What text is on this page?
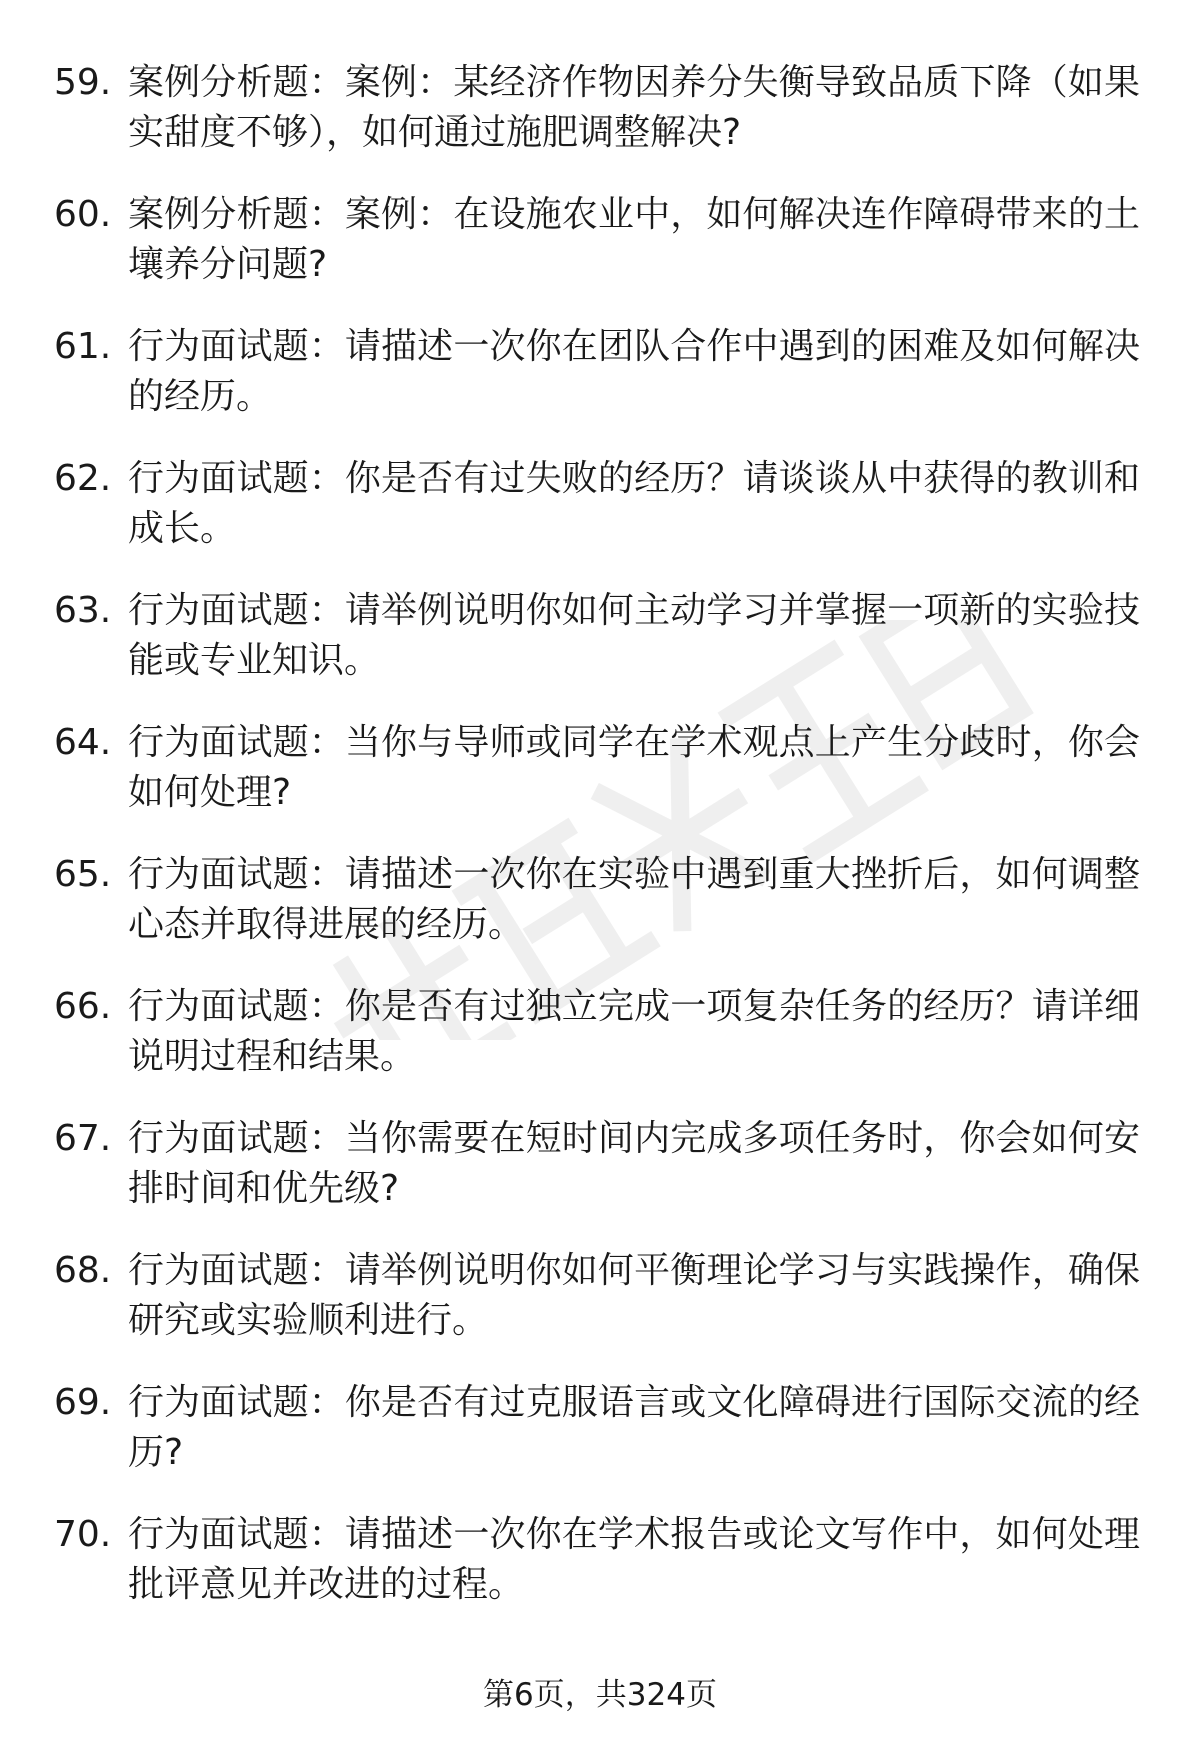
59. 案例分析题：案例：某经济作物因养分失衡导致品质下降（如果实甜度不够），如何通过施肥调整解决?
60. 案例分析题：案例：在设施农业中，如何解决连作障碍带来的土壤养分问题?
61. 行为面试题：请描述一次你在团队合作中遇到的困难及如何解决的经历。
62. 行为面试题：你是否有过失败的经历？请谈谈从中获得的教训和成长。
63. 行为面试题：请举例说明你如何主动学习并掌握一项新的实验技能或专业知识。
64. 行为面试题：当你与导师或同学在学术观点上产生分歧时，你会如何处理?
65. 行为面试题：请描述一次你在实验中遇到重大挫折后，如何调整心态并取得进展的经历。
66. 行为面试题：你是否有过独立完成一项复杂任务的经历？请详细说明过程和结果。
67. 行为面试题：当你需要在短时间内完成多项任务时，你会如何安排时间和优先级?
68. 行为面试题：请举例说明你如何平衡理论学习与实践操作，确保研究或实验顺利进行。
69. 行为面试题：你是否有过克服语言或文化障碍进行国际交流的经历?
70. 行为面试题：请描述一次你在学术报告或论文写作中，如何处理批评意见并改进的过程。
第6页，共324页
